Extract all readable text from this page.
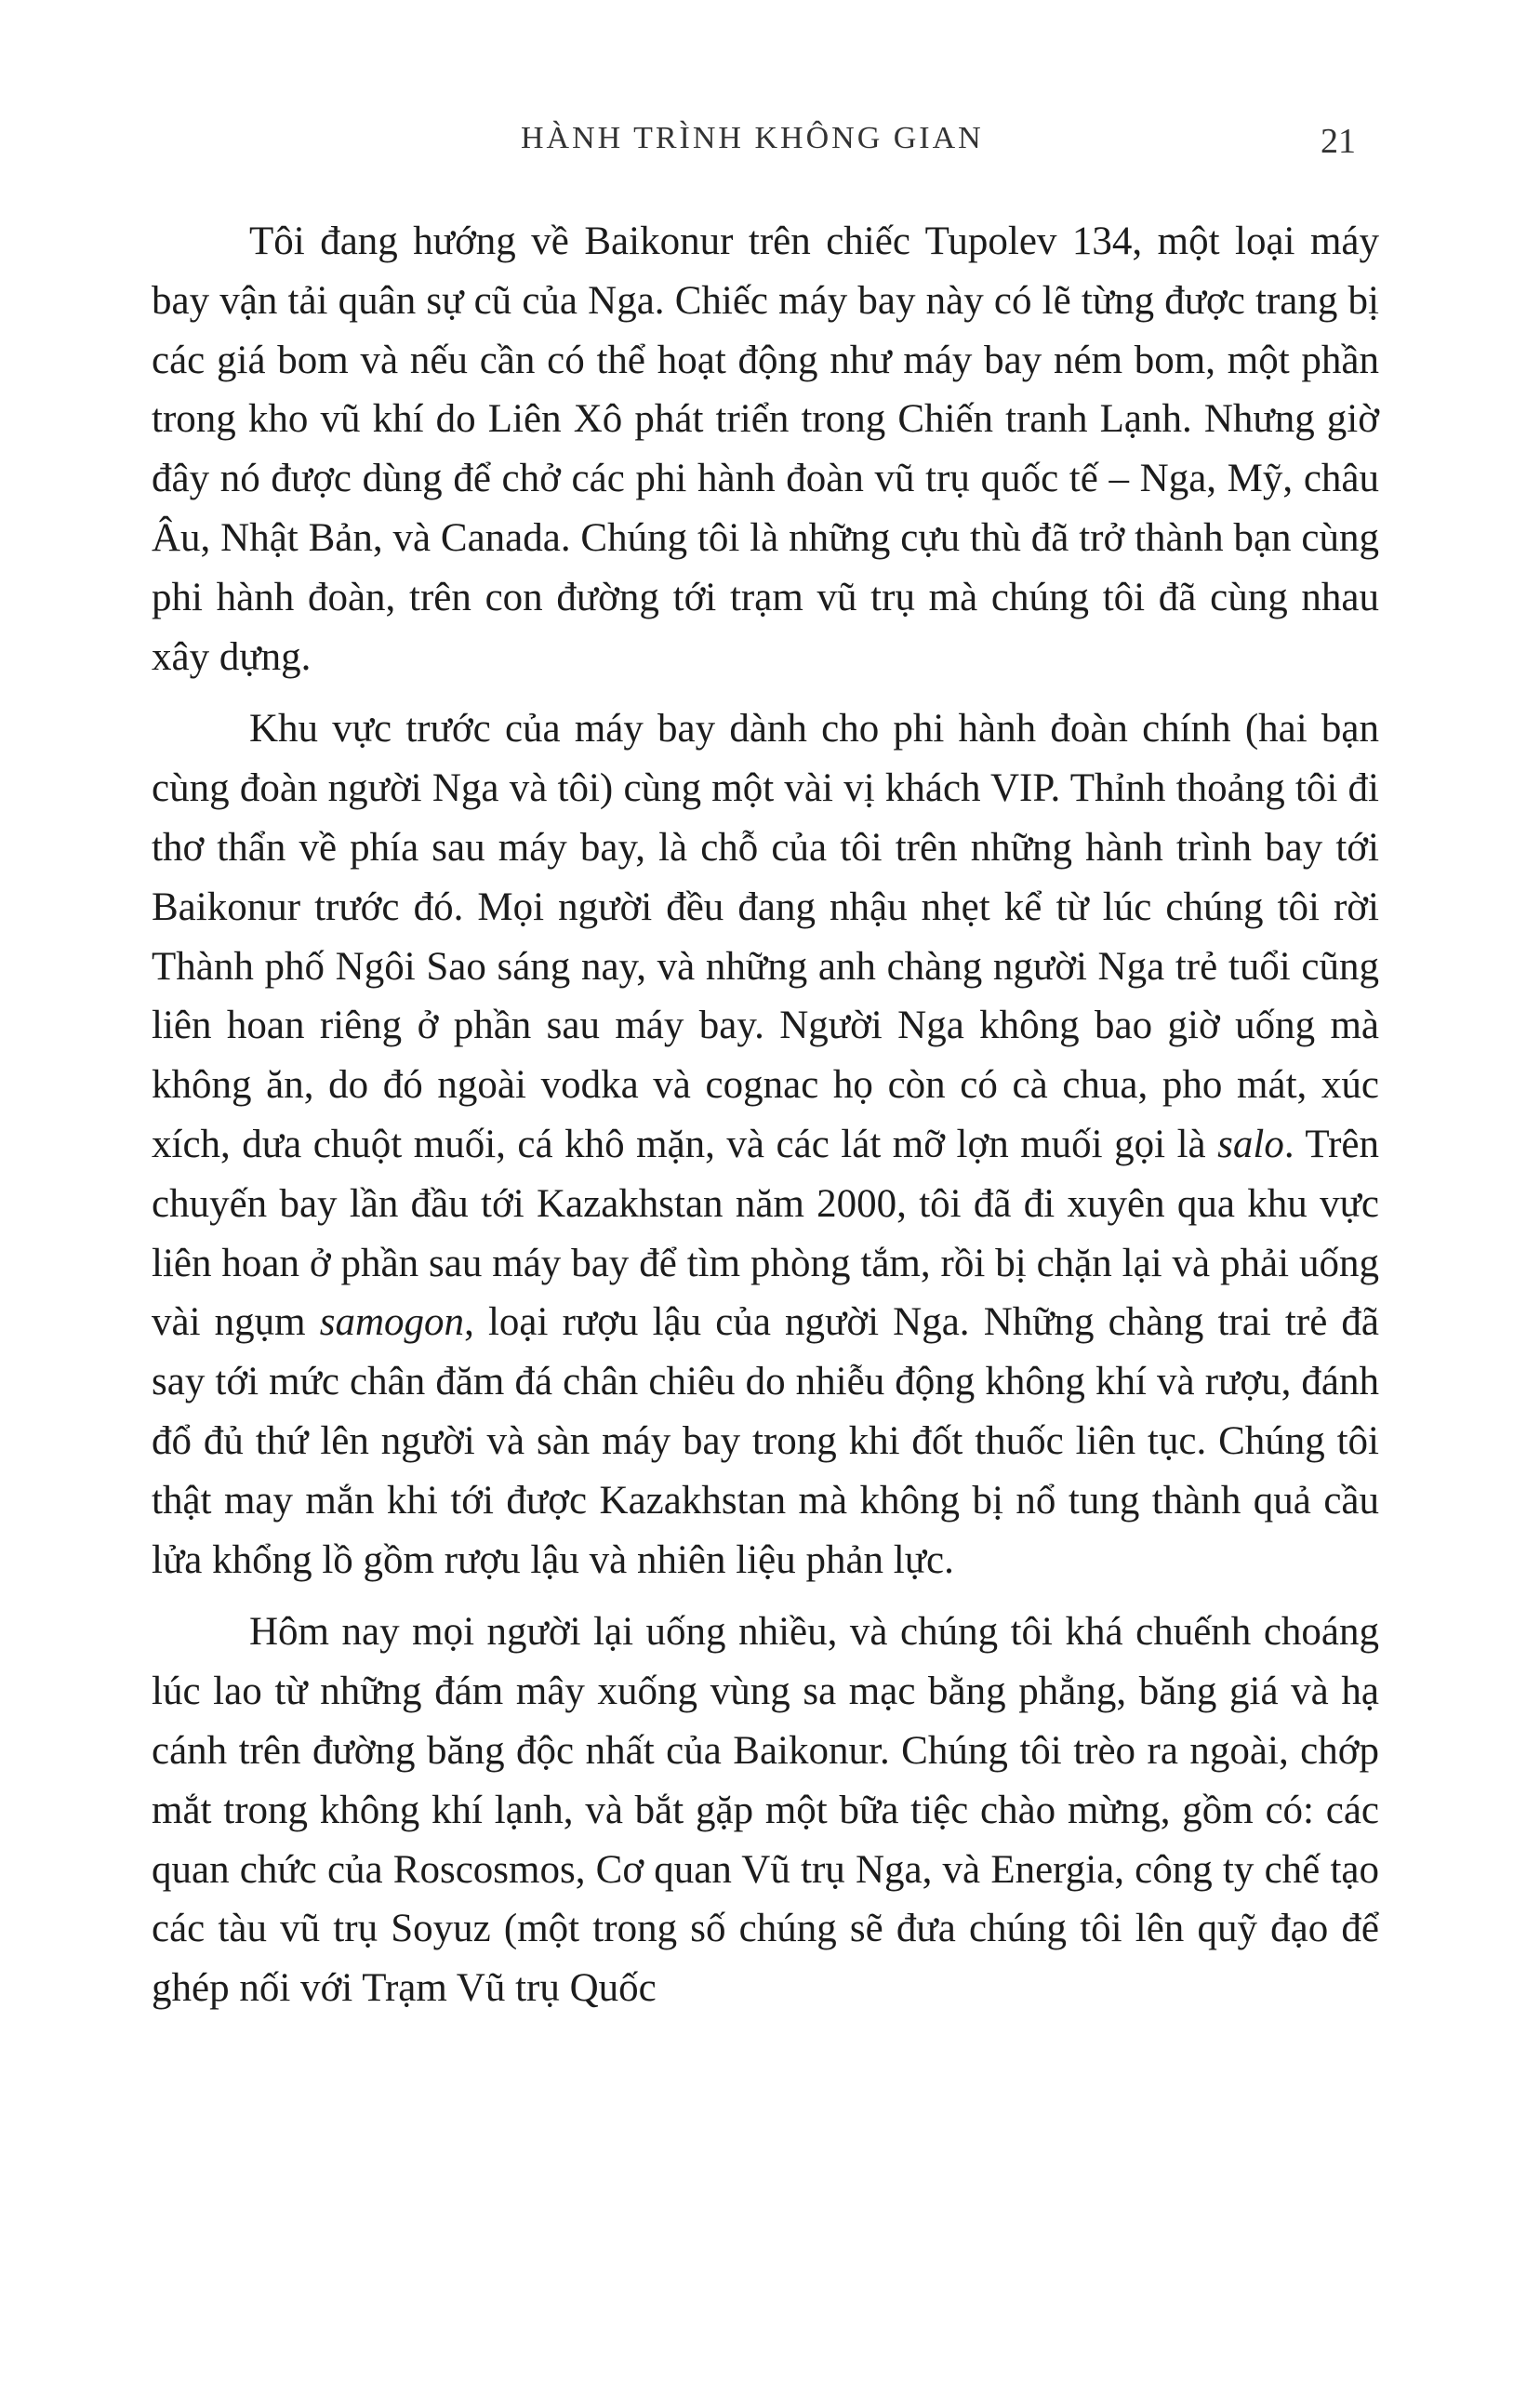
HÀNH TRÌNH KHÔNG GIAN	21

Tôi đang hướng về Baikonur trên chiếc Tupolev 134, một loại máy bay vận tải quân sự cũ của Nga. Chiếc máy bay này có lẽ từng được trang bị các giá bom và nếu cần có thể hoạt động như máy bay ném bom, một phần trong kho vũ khí do Liên Xô phát triển trong Chiến tranh Lạnh. Nhưng giờ đây nó được dùng để chở các phi hành đoàn vũ trụ quốc tế – Nga, Mỹ, châu Âu, Nhật Bản, và Canada. Chúng tôi là những cựu thù đã trở thành bạn cùng phi hành đoàn, trên con đường tới trạm vũ trụ mà chúng tôi đã cùng nhau xây dựng.

Khu vực trước của máy bay dành cho phi hành đoàn chính (hai bạn cùng đoàn người Nga và tôi) cùng một vài vị khách VIP. Thỉnh thoảng tôi đi thơ thẩn về phía sau máy bay, là chỗ của tôi trên những hành trình bay tới Baikonur trước đó. Mọi người đều đang nhậu nhẹt kể từ lúc chúng tôi rời Thành phố Ngôi Sao sáng nay, và những anh chàng người Nga trẻ tuổi cũng liên hoan riêng ở phần sau máy bay. Người Nga không bao giờ uống mà không ăn, do đó ngoài vodka và cognac họ còn có cà chua, pho mát, xúc xích, dưa chuột muối, cá khô mặn, và các lát mỡ lợn muối gọi là salo. Trên chuyến bay lần đầu tới Kazakhstan năm 2000, tôi đã đi xuyên qua khu vực liên hoan ở phần sau máy bay để tìm phòng tắm, rồi bị chặn lại và phải uống vài ngụm samogon, loại rượu lậu của người Nga. Những chàng trai trẻ đã say tới mức chân đăm đá chân chiêu do nhiễu động không khí và rượu, đánh đổ đủ thứ lên người và sàn máy bay trong khi đốt thuốc liên tục. Chúng tôi thật may mắn khi tới được Kazakhstan mà không bị nổ tung thành quả cầu lửa khổng lồ gồm rượu lậu và nhiên liệu phản lực.

Hôm nay mọi người lại uống nhiều, và chúng tôi khá chuếnh choáng lúc lao từ những đám mây xuống vùng sa mạc bằng phẳng, băng giá và hạ cánh trên đường băng độc nhất của Baikonur. Chúng tôi trèo ra ngoài, chớp mắt trong không khí lạnh, và bắt gặp một bữa tiệc chào mừng, gồm có: các quan chức của Roscosmos, Cơ quan Vũ trụ Nga, và Energia, công ty chế tạo các tàu vũ trụ Soyuz (một trong số chúng sẽ đưa chúng tôi lên quỹ đạo để ghép nối với Trạm Vũ trụ Quốc
